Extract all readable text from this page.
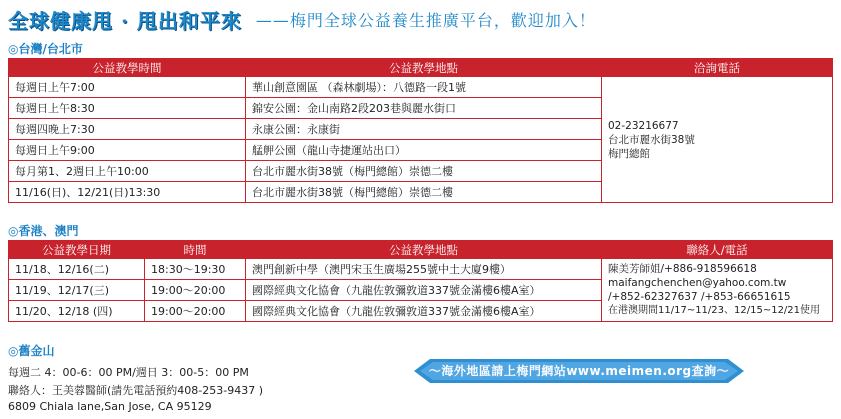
全球健康甩 · 甩出和平來 ——梅門全球公益養生推廣平台，歡迎加入！
◎台灣/台北市
公益教學時間	公益教學地點	洽詢電話
每週日上午7:00	華山創意園區 （森林劇場）：八德路一段1號	02-23216677
台北市麗水街38號
梅門總館

每週日上午8:30	錦安公園：金山南路2段203巷與麗水街口	
每週四晚上7:30	永康公園：永康街	
每週日上午9:00	艋舺公園（龍山寺捷運站出口）	
每月第1、2週日上午10:00	台北市麗水街38號（梅門總館）崇德二樓	
11/16(日)、12/21(日)13:30	台北市麗水街38號（梅門總館）崇德二樓	
◎香港、澳門
公益教學日期	時間	公益教學地點	聯絡人/電話
11/18、12/16(二)	18:30～19:30	澳門創新中學（澳門宋玉生廣場255號中土大廈9樓）	陳美芳師姐/+886-918596618
maifangchenchen@yahoo.com.tw
/+852-62327637 /+853-66651615
在港澳期間11/17~11/23、12/15~12/21使用

11/19、12/17(三)	19:00～20:00	國際經典文化協會（九龍佐敦彌敦道337號金滿樓6樓A室）	
11/20、12/18 (四)	19:00～20:00	國際經典文化協會（九龍佐敦彌敦道337號金滿樓6樓A室）	
◎舊金山
每週二 4：00-6：00 PM/週日 3：00-5：00 PM
聯絡人：王美蓉醫師(請先電話預約408-253-9437 )
6809 Chiala lane,San Jose, CA 95129
～海外地區請上梅門網站www.meimen.org查詢～
